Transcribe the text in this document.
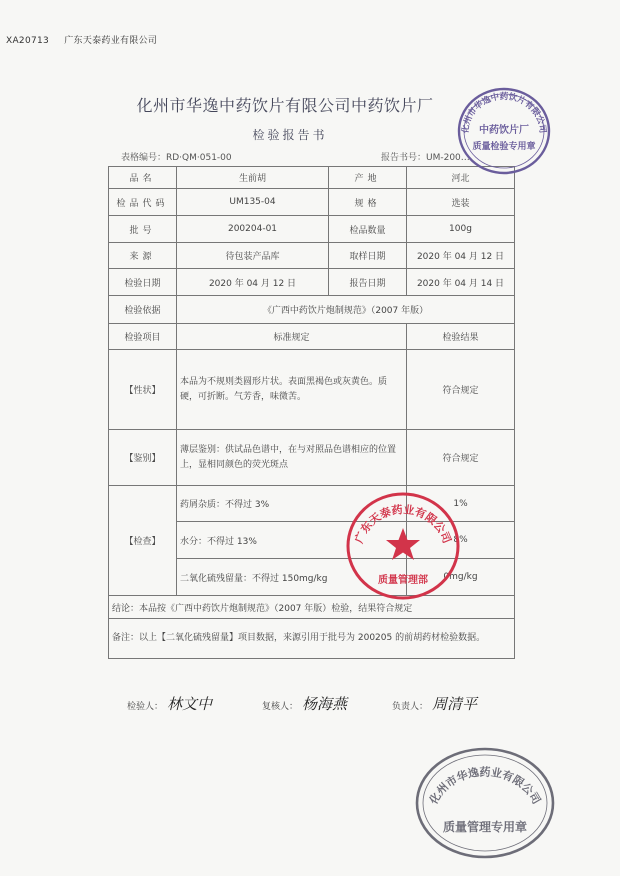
XA20713 广东天泰药业有限公司
化州市华逸中药饮片有限公司中药饮片厂
检验报告书
表格编号：RD·QM·051-00	报告书号：UM-200…
品名	生前胡	产地	河北
检品代码	UM135-04	规格	选装
批号	200204-01	检品数量	100g
来源	待包装产品库	取样日期	2020 年 04 月 12 日
检验日期	2020 年 04 月 12 日	报告日期	2020 年 04 月 14 日
检验依据	《广西中药饮片炮制规范》（2007 年版）		
检验项目	标准规定		检验结果
【性状】	本品为不规则类圆形片状。表面黑褐色或灰黄色。质硬，可折断。气芳香，味微苦。		符合规定
【鉴别】	薄层鉴别：供试品色谱中，在与对照品色谱相应的位置上，显相同颜色的荧光斑点		符合规定
【检查】	药屑杂质：不得过 3%		1%
	水分：不得过 13%		8%
	二氧化硫残留量：不得过 150mg/kg		0mg/kg
结论：本品按《广西中药饮片炮制规范》（2007 年版）检验，结果符合规定			
备注：以上【二氧化硫残留量】项目数据，来源引用于批号为 200205 的前胡药材检验数据。			
检验人： 林文中	复核人： 杨海燕	负责人： 周清平
化州市华逸中药饮片有限公司
中药饮片厂
质量检验专用章
广东天泰药业有限公司
质量管理部
化州市华逸药业有限公司
质量管理专用章
